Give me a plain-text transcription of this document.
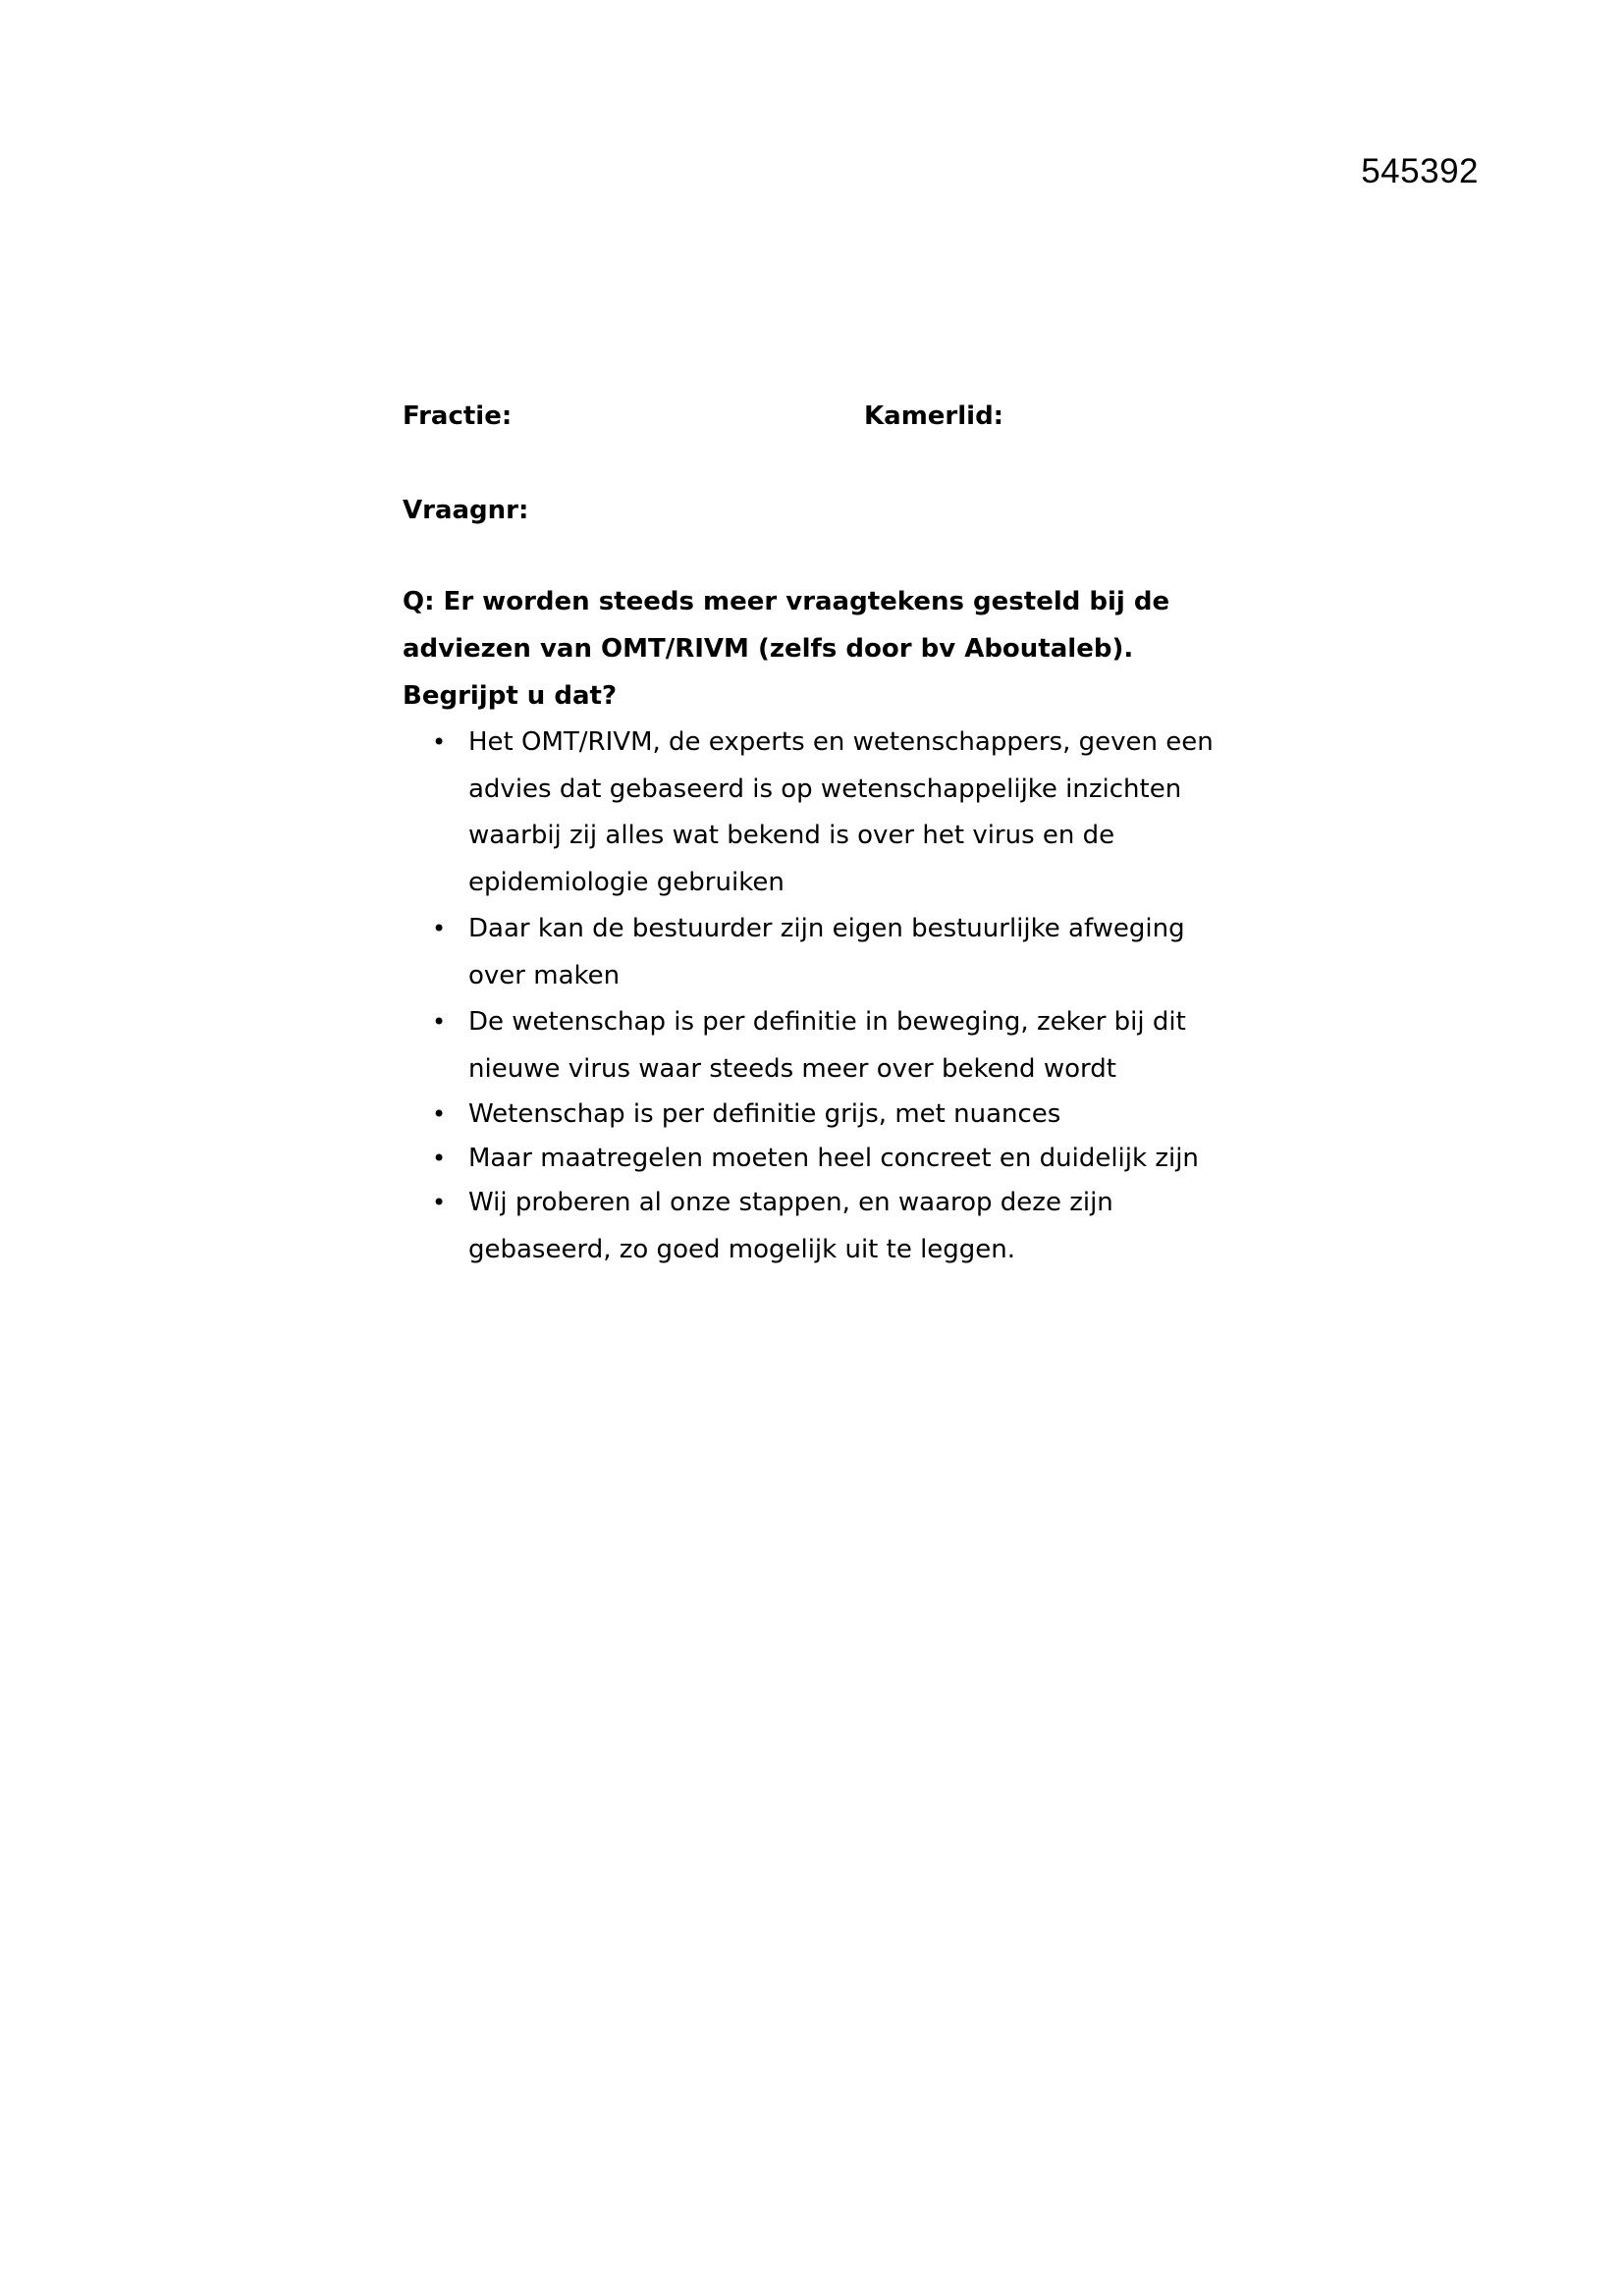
545392
Fractie:	Kamerlid:
Vraagnr:
Q: Er worden steeds meer vraagtekens gesteld bij de adviezen van OMT/RIVM (zelfs door bv Aboutaleb). Begrijpt u dat?
• Het OMT/RIVM, de experts en wetenschappers, geven een advies dat gebaseerd is op wetenschappelijke inzichten waarbij zij alles wat bekend is over het virus en de epidemiologie gebruiken
• Daar kan de bestuurder zijn eigen bestuurlijke afweging over maken
• De wetenschap is per definitie in beweging, zeker bij dit nieuwe virus waar steeds meer over bekend wordt
• Wetenschap is per definitie grijs, met nuances
• Maar maatregelen moeten heel concreet en duidelijk zijn
• Wij proberen al onze stappen, en waarop deze zijn gebaseerd, zo goed mogelijk uit te leggen.
